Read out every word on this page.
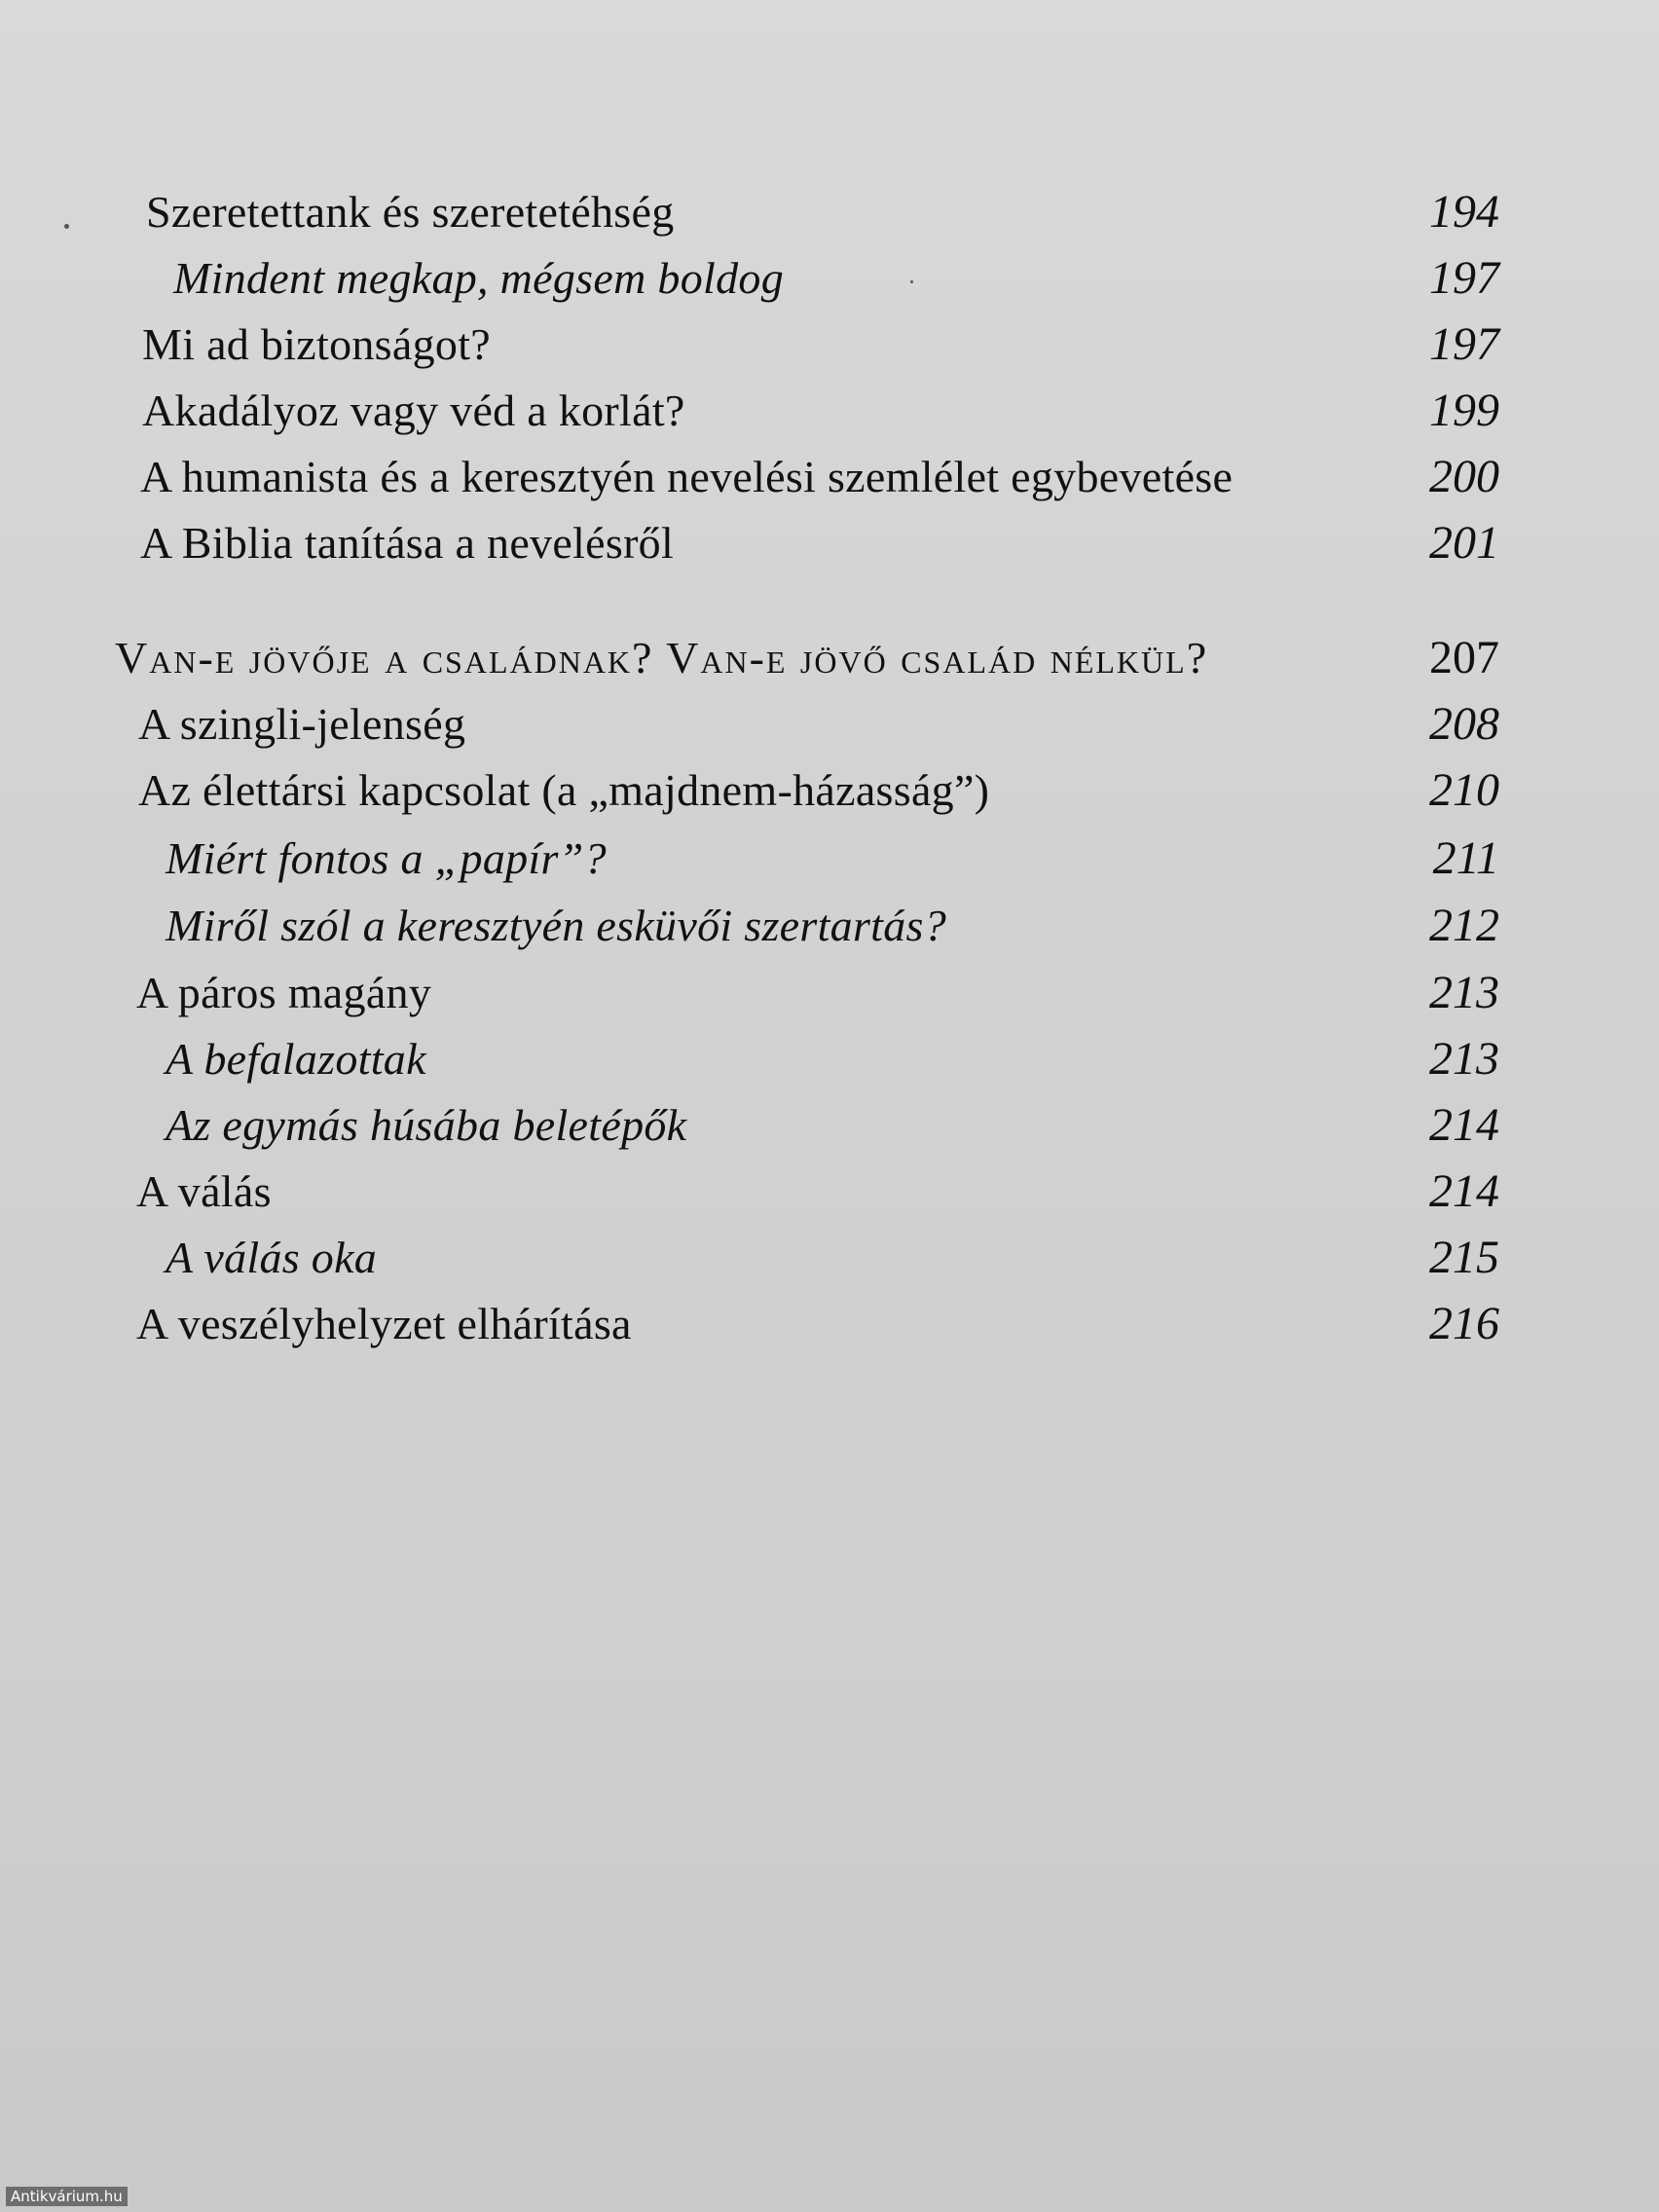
Szeretettank és szeretetéhség	194
Mindent megkap, mégsem boldog	197
Mi ad biztonságot?	197
Akadályoz vagy véd a korlát?	199
A humanista és a keresztyén nevelési szemlélet egybevetése	200
A Biblia tanítása a nevelésről	201
Van-e jövője a családnak? Van-e jövő család nélkül?	207
A szingli-jelenség	208
Az élettársi kapcsolat (a „majdnem-házasság”)	210
Miért fontos a „papír”?	211
Miről szól a keresztyén esküvői szertartás?	212
A páros magány	213
A befalazottak	213
Az egymás húsába beletépők	214
A válás	214
A válás oka	215
A veszélyhelyzet elhárítása	216
Antikvárium.hu
